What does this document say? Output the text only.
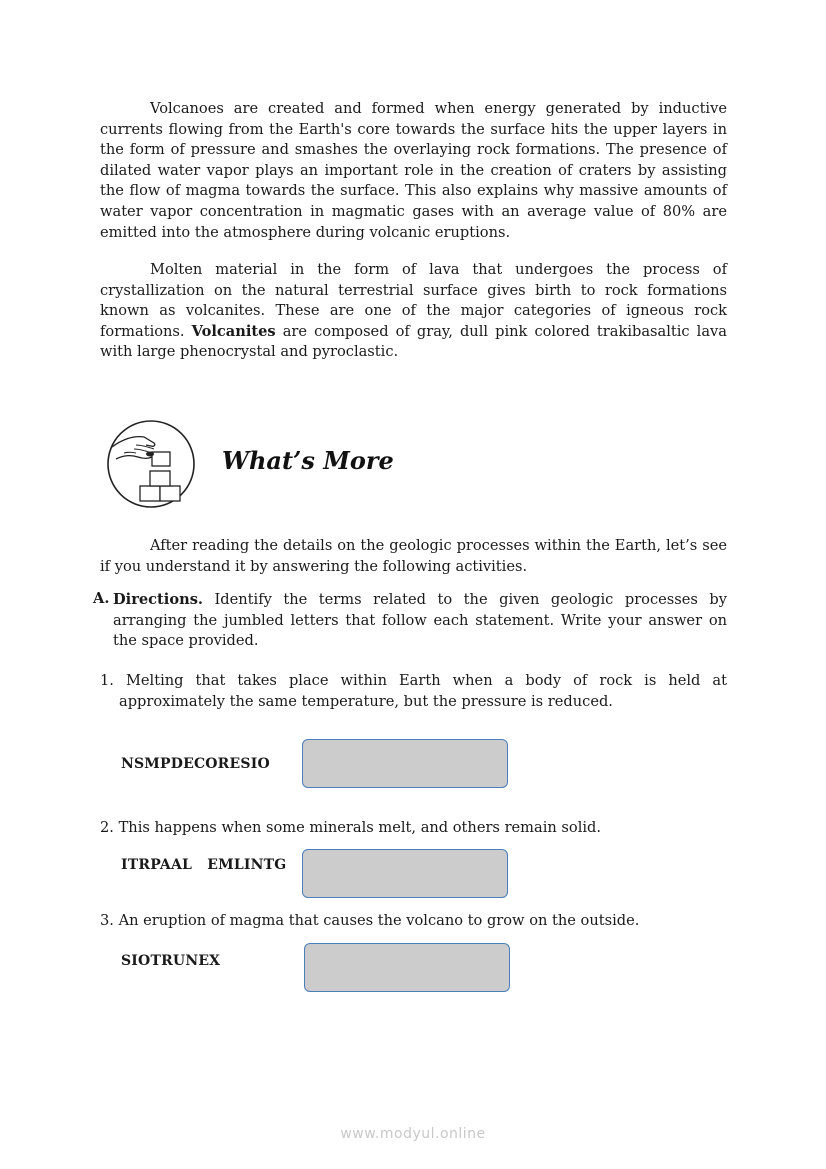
Volcanoes are created and formed when energy generated by inductive currents flowing from the Earth's core towards the surface hits the upper layers in the form of pressure and smashes the overlaying rock formations. The presence of dilated water vapor plays an important role in the creation of craters by assisting the flow of magma towards the surface. This also explains why massive amounts of water vapor concentration in magmatic gases with an average value of 80% are emitted into the atmosphere during volcanic eruptions.

Molten material in the form of lava that undergoes the process of crystallization on the natural terrestrial surface gives birth to rock formations known as volcanites. These are one of the major categories of igneous rock formations. Volcanites are composed of gray, dull pink colored trakibasaltic lava with large phenocrystal and pyroclastic.

What’s More

After reading the details on the geologic processes within the Earth, let’s see if you understand it by answering the following activities.

A. Directions. Identify the terms related to the given geologic processes by arranging the jumbled letters that follow each statement. Write your answer on the space provided.

1. Melting that takes place within Earth when a body of rock is held at approximately the same temperature, but the pressure is reduced.

NSMPDECORESIO

2. This happens when some minerals melt, and others remain solid.

ITRPAAL   EMLINTG

3. An eruption of magma that causes the volcano to grow on the outside.

SIOTRUNEX
www.modyul.online
